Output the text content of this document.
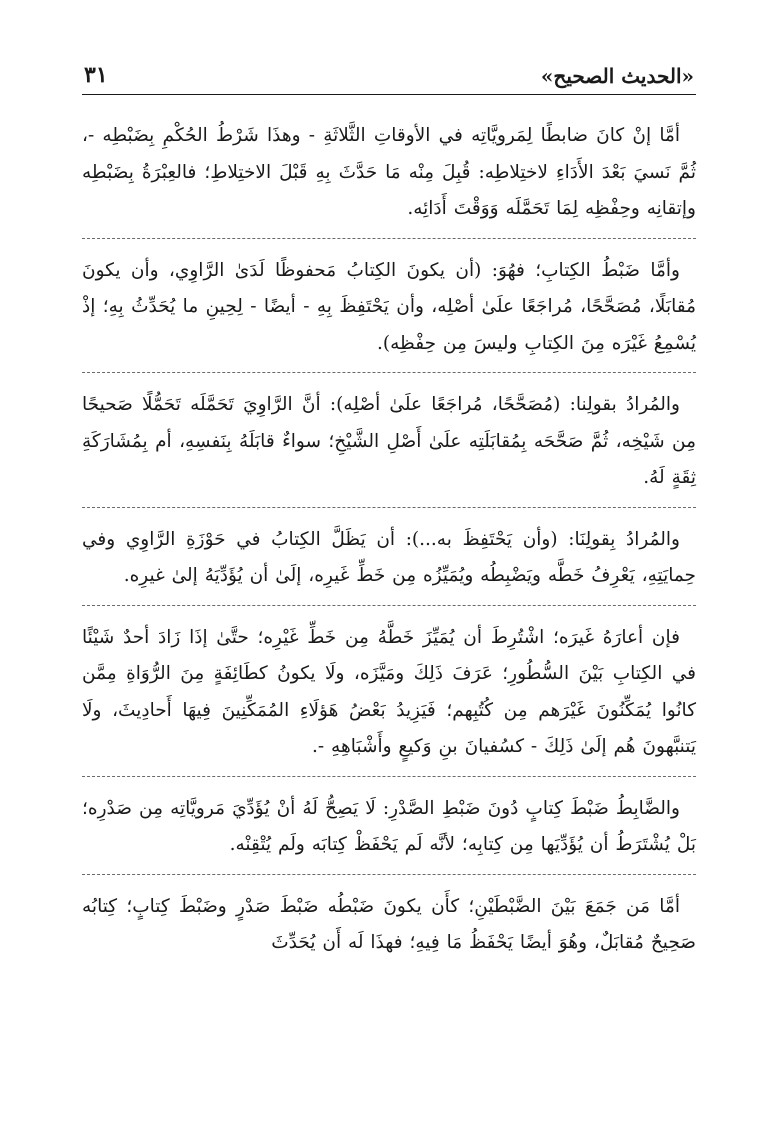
«الحديث الصحيح»
٣١

أمَّا إنْ كانَ ضابطًا لِمَرويَّاتِه في الأوقاتِ الثَّلاثَةِ - وهذَا شَرْطُ الحُكْمِ بِضَبْطِه -، ثُمَّ نَسيَ بَعْدَ الأَدَاءِ لاختِلاطِه: قُبِلَ مِنْه مَا حَدَّثَ بِهِ قَبْلَ الاختِلاطِ؛ فالعِبْرَةُ بِضَبْطِه وإتقانِه وحِفْظِه لِمَا تَحَمَّلَه وَوَقْتَ أَدَائِه.

وأمَّا ضَبْطُ الكِتابِ؛ فهُوَ: (أن يكونَ الكِتابُ مَحفوظًا لَدَىٰ الرَّاوِي، وأن يكونَ مُقابَلًا، مُصَحَّحًا، مُراجَعًا علَىٰ أصْلِه، وأن يَحْتَفِظَ بِهِ - أيضًا - لِحِينِ ما يُحَدِّثُ بِهِ؛ إذْ يُسْمِعُ غَيْرَه مِنَ الكِتابِ وليسَ مِن حِفْظِه).

والمُرادُ بقولِنا: (مُصَحَّحًا، مُراجَعًا علَىٰ أصْلِه): أنَّ الرَّاوِيَ تَحَمَّلَه تَحَمُّلًا صَحيحًا مِن شَيْخِه، ثُمَّ صَحَّحَه بِمُقابَلَتِه علَىٰ أَصْلِ الشَّيْخِ؛ سواءٌ قابَلَهُ بِنَفسِهِ، أم بِمُشَارَكَةِ ثِقَةٍ لَهُ.

والمُرادُ بِقولِنَا: (وأن يَحْتَفِظَ به...): أن يَظَلَّ الكِتابُ في حَوْزَةِ الرَّاوِي وفي حِمايَتِهِ، يَعْرِفُ خَطَّه ويَضْبِطُه ويُمَيِّزُه مِن خَطِّ غَيرِه، إلَىٰ أن يُؤَدِّيَهُ إلىٰ غيرِه.

فإن أعارَهُ غَيرَه؛ اشْتُرِطَ أن يُمَيِّزَ خَطَّهُ مِن خَطِّ غَيْرِه؛ حتَّىٰ إذَا زَادَ أحدٌ شَيْئًا في الكِتابِ بَيْنَ السُّطُورِ؛ عَرَفَ ذَلِكَ ومَيَّزَه، ولَا يكونُ كطَائِفَةٍ مِنَ الرُّوَاةِ مِمَّن كانُوا يُمَكِّنُونَ غَيْرَهم مِن كُتُبِهم؛ فَيَزِيدُ بَعْضُ هَؤلَاءِ المُمَكِّنِينَ فِيهَا أَحادِيثَ، ولَا يَتنبَّهونَ هُم إلَىٰ ذَلِكَ - كسُفيانَ بنِ وَكيعٍ وأَشْبَاهِهِ -.

والضَّابِطُ ضَبْطَ كِتابٍ دُونَ ضَبْطِ الصَّدْرِ: لَا يَصِحُّ لَهُ أنْ يُؤَدِّيَ مَرويَّاتِه مِن صَدْرِه؛ بَلْ يُشْتَرَطُ أن يُؤَدِّيَها مِن كِتابِه؛ لأنَّه لَم يَحْفَظْ كِتابَه ولَم يُتْقِنْه.

أمَّا مَن جَمَعَ بَيْنَ الضَّبْطَيْنِ؛ كأَن يكونَ ضَبْطُه ضَبْطَ صَدْرٍ وضَبْطَ كِتابٍ؛ كِتابُه صَحِيحٌ مُقابَلٌ، وهُوَ أيضًا يَحْفَظُ مَا فِيهِ؛ فهذَا لَه أَن يُحَدِّثَ
